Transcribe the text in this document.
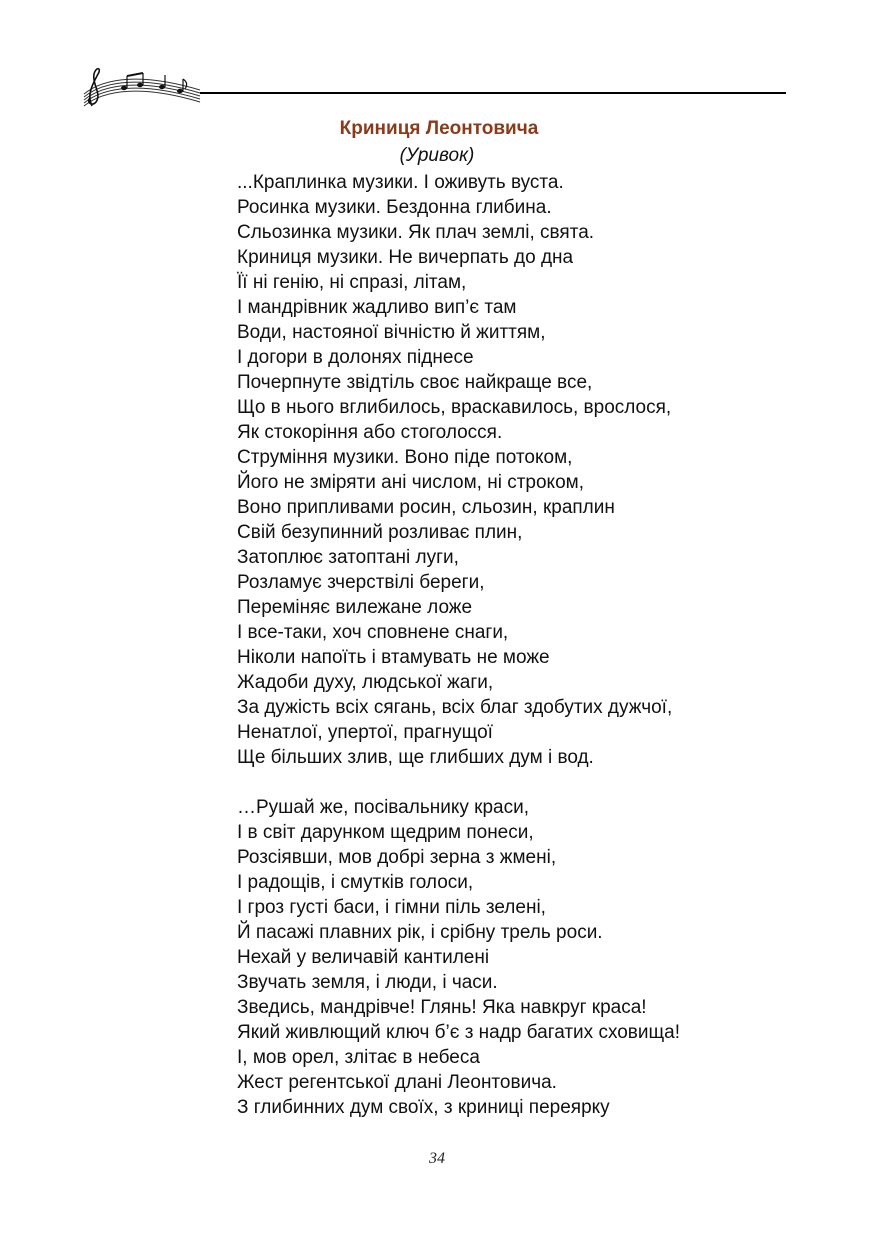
Криниця Леонтовича
(Уривок)
...Краплинка музики. І оживуть вуста.
Росинка музики. Бездонна глибина.
Сльозинка музики. Як плач землі, свята.
Криниця музики. Не вичерпать до дна
Її ні генію, ні спразі, літам,
І мандрівник жадливо вип’є там
Води, настояної вічністю й життям,
І догори в долонях піднесе
Почерпнуте звідтіль своє найкраще все,
Що в нього вглибилось, враскавилось, врослося,
Як стокоріння або стоголосся.
Струміння музики. Воно піде потоком,
Його не зміряти ані числом, ні строком,
Воно припливами росин, сльозин, краплин
Свій безупинний розливає плин,
Затоплює затоптані луги,
Розламує зчерствілі береги,
Переміняє вилежане ложе
І все-таки, хоч сповнене снаги,
Ніколи напоїть і втамувать не може
Жадоби духу, людської жаги,
За дужість всіх сягань, всіх благ здобутих дужчої,
Ненатлої, упертої, прагнущої
Ще більших злив, ще глибших дум і вод.
…Рушай же, посівальнику краси,
І в світ дарунком щедрим понеси,
Розсіявши, мов добрі зерна з жмені,
І радощів, і смутків голоси,
І гроз густі баси, і гімни піль зелені,
Й пасажі плавних рік, і срібну трель роси.
Нехай у величавій кантилені
Звучать земля, і люди, і часи.
Зведись, мандрівче! Глянь! Яка навкруг краса!
Який живлющий ключ б’є з надр багатих сховища!
І, мов орел, злітає в небеса
Жест регентської длані Леонтовича.
З глибинних дум своїх, з криниці переярку
34
